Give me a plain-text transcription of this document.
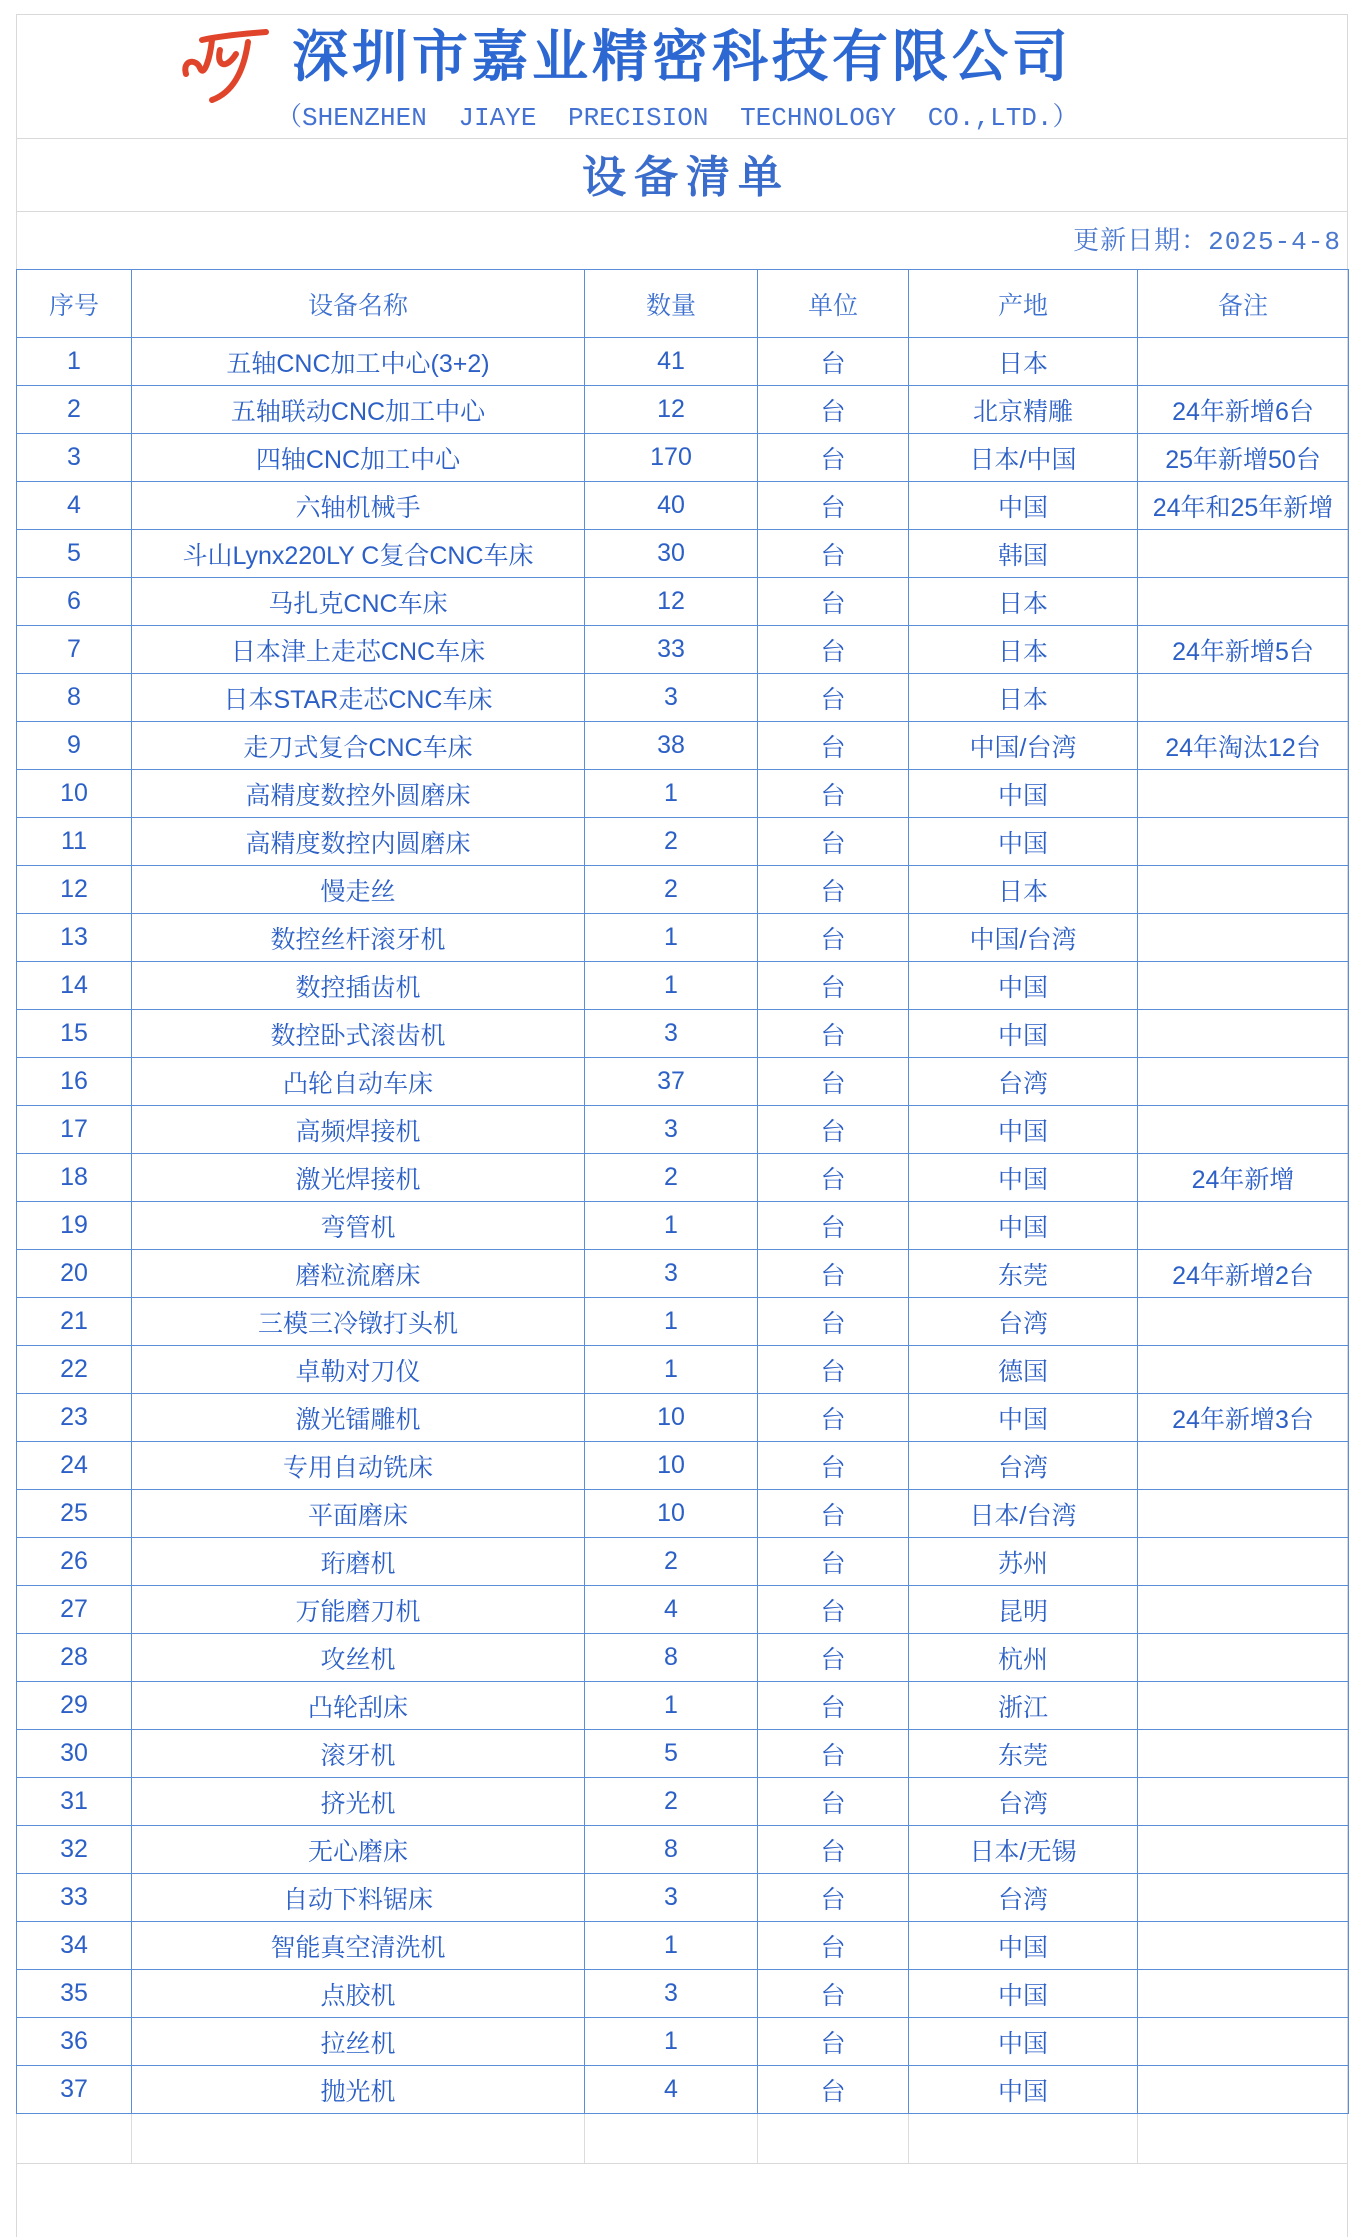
深圳市嘉业精密科技有限公司
（SHENZHEN JIAYE PRECISION TECHNOLOGY CO.,LTD.）
设备清单
更新日期：2025-4-8
序号	设备名称	数量	单位	产地	备注
1	五轴CNC加工中心(3+2)	41	台	日本	
2	五轴联动CNC加工中心	12	台	北京精雕	24年新增6台
3	四轴CNC加工中心	170	台	日本/中国	25年新增50台
4	六轴机械手	40	台	中国	24年和25年新增
5	斗山Lynx220LY C复合CNC车床	30	台	韩国	
6	马扎克CNC车床	12	台	日本	
7	日本津上走芯CNC车床	33	台	日本	24年新增5台
8	日本STAR走芯CNC车床	3	台	日本	
9	走刀式复合CNC车床	38	台	中国/台湾	24年淘汰12台
10	高精度数控外圆磨床	1	台	中国	
11	高精度数控内圆磨床	2	台	中国	
12	慢走丝	2	台	日本	
13	数控丝杆滚牙机	1	台	中国/台湾	
14	数控插齿机	1	台	中国	
15	数控卧式滚齿机	3	台	中国	
16	凸轮自动车床	37	台	台湾	
17	高频焊接机	3	台	中国	
18	激光焊接机	2	台	中国	24年新增
19	弯管机	1	台	中国	
20	磨粒流磨床	3	台	东莞	24年新增2台
21	三模三冷镦打头机	1	台	台湾	
22	卓勒对刀仪	1	台	德国	
23	激光镭雕机	10	台	中国	24年新增3台
24	专用自动铣床	10	台	台湾	
25	平面磨床	10	台	日本/台湾	
26	珩磨机	2	台	苏州	
27	万能磨刀机	4	台	昆明	
28	攻丝机	8	台	杭州	
29	凸轮刮床	1	台	浙江	
30	滚牙机	5	台	东莞	
31	挤光机	2	台	台湾	
32	无心磨床	8	台	日本/无锡	
33	自动下料锯床	3	台	台湾	
34	智能真空清洗机	1	台	中国	
35	点胶机	3	台	中国	
36	拉丝机	1	台	中国	
37	抛光机	4	台	中国	
